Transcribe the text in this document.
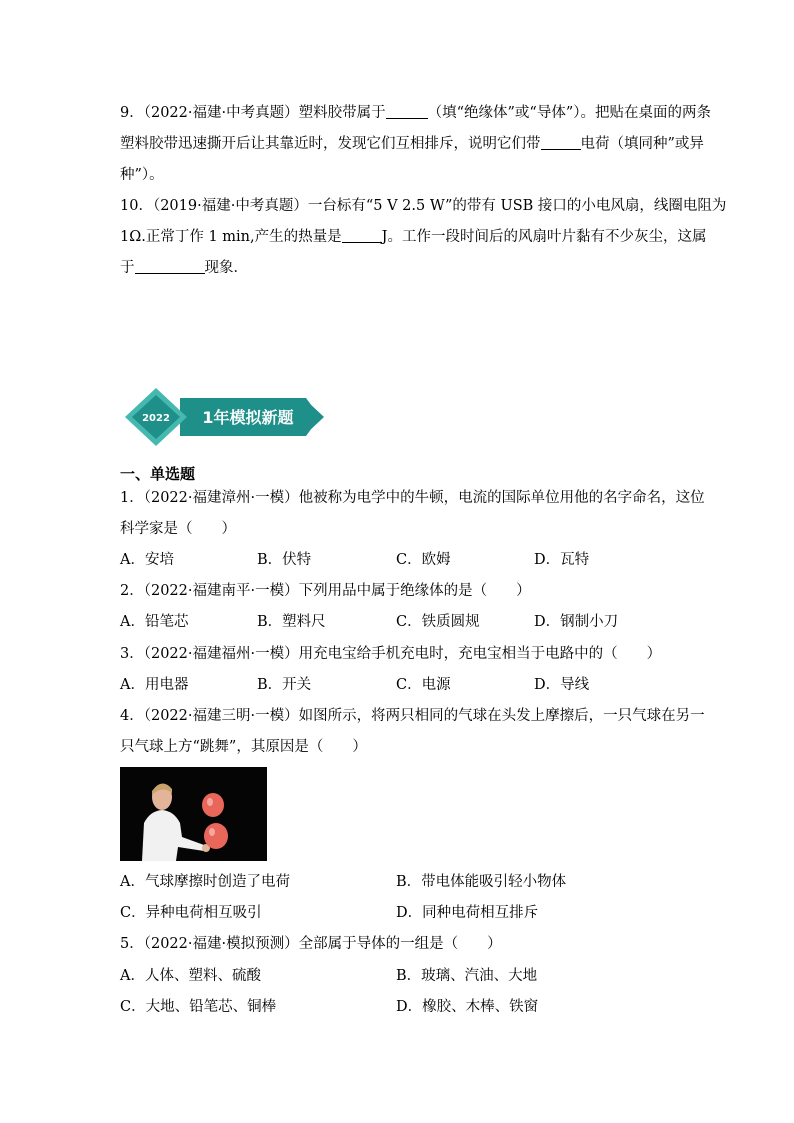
9．（2022·福建·中考真题）塑料胶带属于	（填“绝缘体”或“导体”）。把贴在桌面的两条
塑料胶带迅速撕开后让其靠近时，发现它们互相排斥，说明它们带	电荷（填同种”或异
种”）。
10．（2019·福建·中考真题）一台标有“5 V 2.5 W”的带有 USB 接口的小电风扇，线圈电阻为
1Ω.正常丁作 1 min,产生的热量是	J。工作一段时间后的风扇叶片黏有不少灰尘，这属
于	现象．
2022 1年模拟新题
一、单选题
1．（2022·福建漳州·一模）他被称为电学中的牛顿，电流的国际单位用他的名字命名，这位
科学家是（　　）
A．安培	B．伏特	C．欧姆	D．瓦特
2．（2022·福建南平·一模）下列用品中属于绝缘体的是（　　）
A．铅笔芯	B．塑料尺	C．铁质圆规	D．钢制小刀
3．（2022·福建福州·一模）用充电宝给手机充电时，充电宝相当于电路中的（　　）
A．用电器	B．开关	C．电源	D．导线
4．（2022·福建三明·一模）如图所示，将两只相同的气球在头发上摩擦后，一只气球在另一
只气球上方“跳舞”，其原因是（　　）
A．气球摩擦时创造了电荷	B．带电体能吸引轻小物体
C．异种电荷相互吸引	D．同种电荷相互排斥
5．（2022·福建·模拟预测）全部属于导体的一组是（　　）
A．人体、塑料、硫酸	B．玻璃、汽油、大地
C．大地、铅笔芯、铜棒	D．橡胶、木棒、铁窗
